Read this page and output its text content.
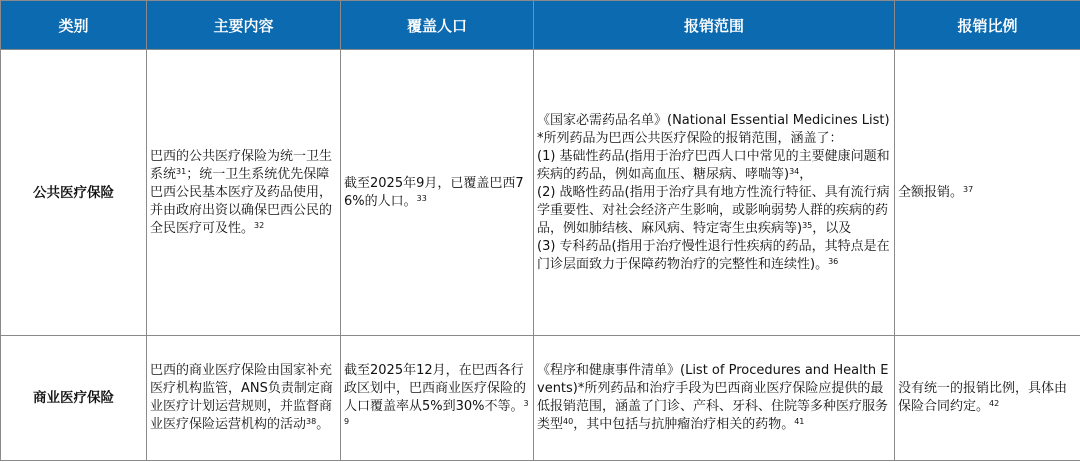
类别	主要内容	覆盖人口	报销范围	报销比例
公共医疗保险	巴西的公共医疗保险为统一卫生系统$^{31}$；统一卫生系统优先保障巴西公民基本医疗及药品使用，并由政府出资以确保巴西公民的全民医疗可及性。$^{32}$	截至2025年9月，已覆盖巴西76%的人口。$^{33}$	《国家必需药品名单》(National Essential Medicines List)*所列药品为巴西公共医疗保险的报销范围，涵盖了：
(1) 基础性药品(指用于治疗巴西人口中常见的主要健康问题和疾病的药品，例如高血压、糖尿病、哮喘等)$^{34}$，
(2) 战略性药品(指用于治疗具有地方性流行特征、具有流行病学重要性、对社会经济产生影响，或影响弱势人群的疾病的药品，例如肺结核、麻风病、特定寄生虫疾病等)$^{35}$，以及
(3) 专科药品(指用于治疗慢性退行性疾病的药品，其特点是在门诊层面致力于保障药物治疗的完整性和连续性)。$^{36}$	全额报销。$^{37}$
商业医疗保险	巴西的商业医疗保险由国家补充医疗机构监管，ANS负责制定商业医疗计划运营规则，并监督商业医疗保险运营机构的活动$^{38}$。	截至2025年12月，在巴西各行政区划中，巴西商业医疗保险的人口覆盖率从5%到30%不等。$^{39}$	《程序和健康事件清单》(List of Procedures and Health Events)*所列药品和治疗手段为巴西商业医疗保险应提供的最低报销范围，涵盖了门诊、产科、牙科、住院等多种医疗服务类型$^{40}$，其中包括与抗肿瘤治疗相关的药物。$^{41}$	没有统一的报销比例，具体由保险合同约定。$^{42}$
